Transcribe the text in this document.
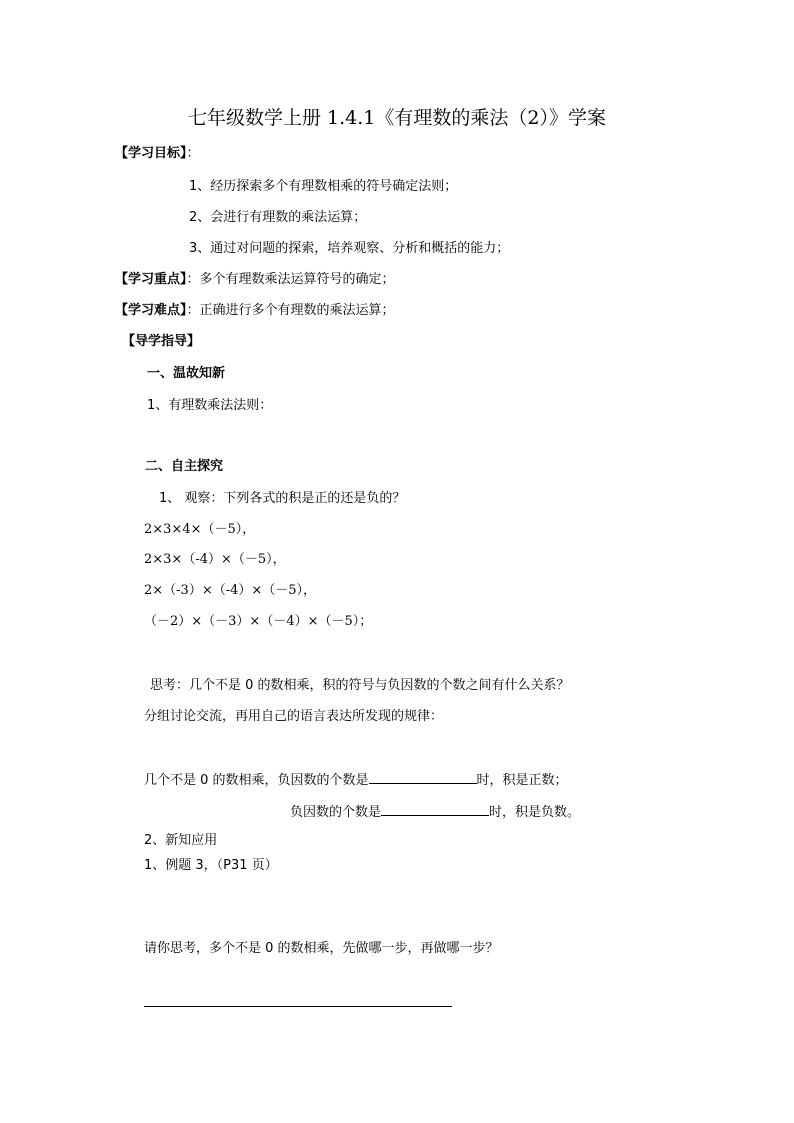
七年级数学上册 1.4.1《有理数的乘法（2）》学案
【学习目标】：
1、经历探索多个有理数相乘的符号确定法则；
2、会进行有理数的乘法运算；
3、通过对问题的探索，培养观察、分析和概括的能力；
【学习重点】：多个有理数乘法运算符号的确定；
【学习难点】：正确进行多个有理数的乘法运算；
【导学指导】
一、温故知新
1、有理数乘法法则：
二、自主探究
1、 观察：下列各式的积是正的还是负的？
2×3×4×（－5），
2×3×（-4）×（－5），
2×（-3）×（-4）×（－5），
（－2）×（－3）×（－4）×（－5）；
思考：几个不是 0 的数相乘，积的符号与负因数的个数之间有什么关系？
分组讨论交流，再用自己的语言表达所发现的规律：
几个不是 0 的数相乘，负因数的个数是	时，积是正数；
负因数的个数是	时，积是负数。
2、新知应用
1、例题 3，（P31 页）
请你思考，多个不是 0 的数相乘，先做哪一步，再做哪一步？
